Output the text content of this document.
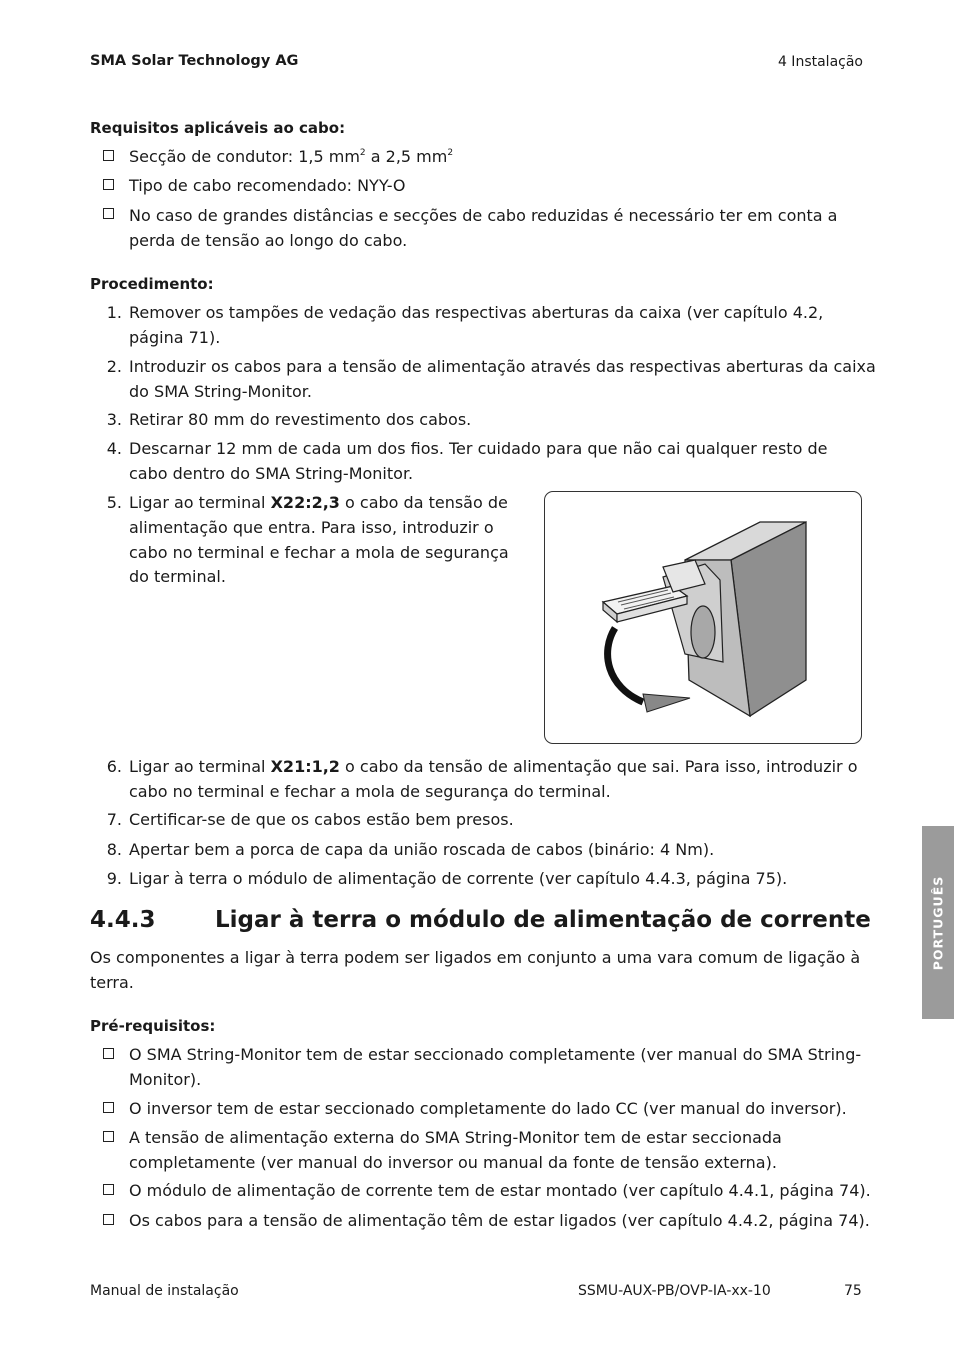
SMA Solar Technology AG	4 Instalação
Requisitos aplicáveis ao cabo:
Secção de condutor: 1,5 $mm^2$ a 2,5 $mm^2$
Tipo de cabo recomendado: NYY-O
No caso de grandes distâncias e secções de cabo reduzidas é necessário ter em conta a
perda de tensão ao longo do cabo.
Procedimento:
1. Remover os tampões de vedação das respectivas aberturas da caixa (ver capítulo 4.2,
página 71).
2. Introduzir os cabos para a tensão de alimentação através das respectivas aberturas da caixa
do SMA String-Monitor.
3. Retirar 80 mm do revestimento dos cabos.
4. Descarnar 12 mm de cada um dos fios. Ter cuidado para que não cai qualquer resto de
cabo dentro do SMA String-Monitor.
5. Ligar ao terminal X22:2,3 o cabo da tensão de
alimentação que entra. Para isso, introduzir o
cabo no terminal e fechar a mola de segurança
do terminal.
6. Ligar ao terminal X21:1,2 o cabo da tensão de alimentação que sai. Para isso, introduzir o
cabo no terminal e fechar a mola de segurança do terminal.
7. Certificar-se de que os cabos estão bem presos.
8. Apertar bem a porca de capa da união roscada de cabos (binário: 4 Nm).
9. Ligar à terra o módulo de alimentação de corrente (ver capítulo 4.4.3, página 75).
4.4.3	Ligar à terra o módulo de alimentação de corrente
Os componentes a ligar à terra podem ser ligados em conjunto a uma vara comum de ligação à
terra.
Pré-requisitos:
O SMA String-Monitor tem de estar seccionado completamente (ver manual do SMA String-
Monitor).
O inversor tem de estar seccionado completamente do lado CC (ver manual do inversor).
A tensão de alimentação externa do SMA String-Monitor tem de estar seccionada
completamente (ver manual do inversor ou manual da fonte de tensão externa).
O módulo de alimentação de corrente tem de estar montado (ver capítulo 4.4.1, página 74).
Os cabos para a tensão de alimentação têm de estar ligados (ver capítulo 4.4.2, página 74).
PORTUGUÊS
Manual de instalação	SSMU-AUX-PB/OVP-IA-xx-10	75
